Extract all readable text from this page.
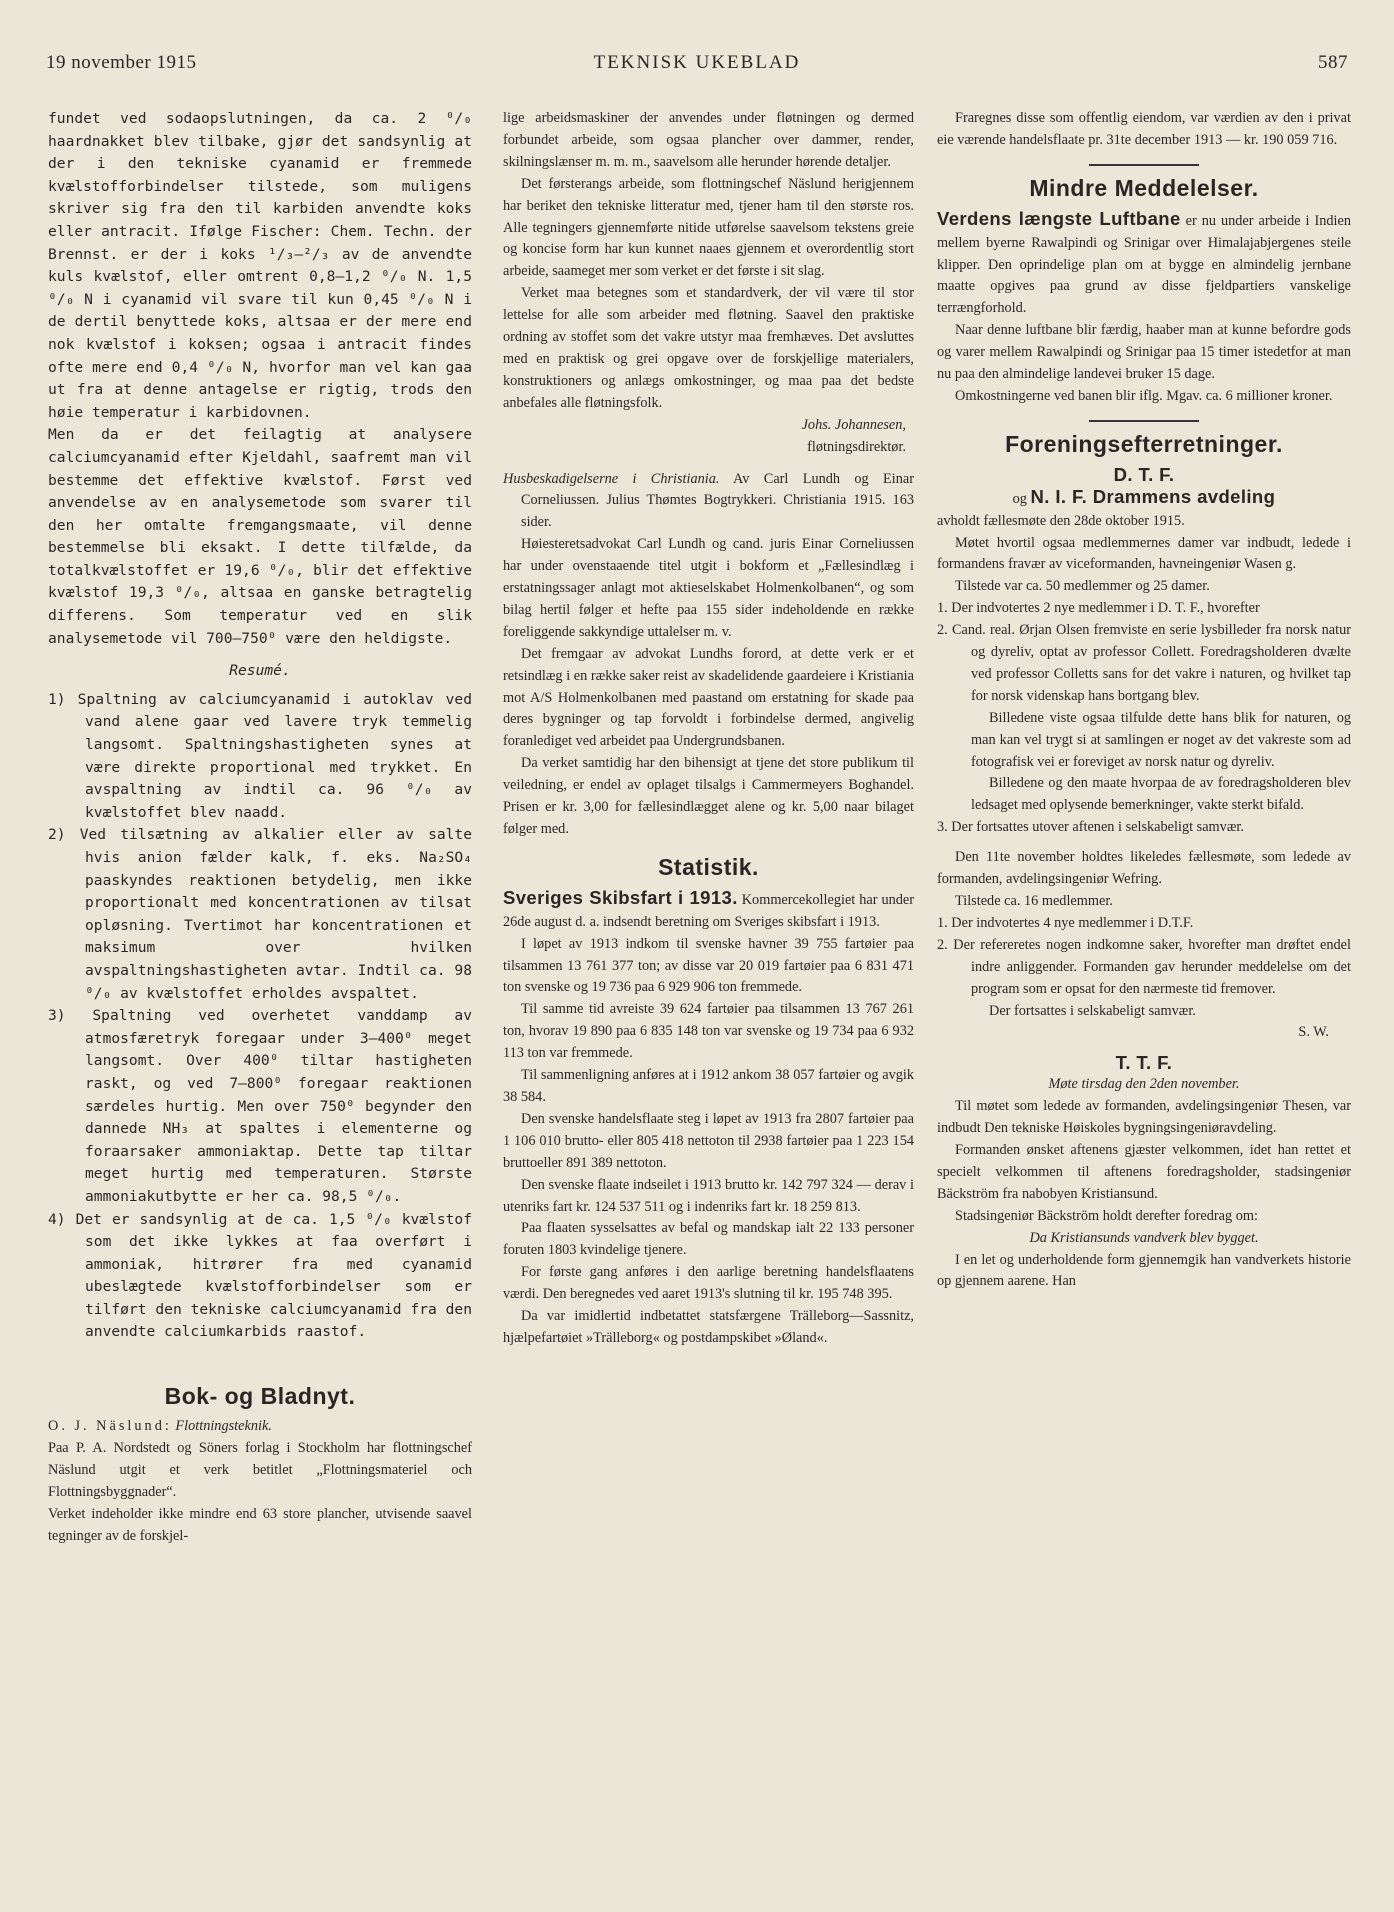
19 november 1915	TEKNISK UKEBLAD	587

fundet ved sodaopslutningen, da ca. 2 ⁰/₀ haardnakket blev tilbake, gjør det sandsynlig at der i den tekniske cyanamid er fremmede kvælstofforbindelser tilstede, som muligens skriver sig fra den til karbiden anvendte koks eller antracit. Ifølge Fischer: Chem. Techn. der Brennst. er der i koks ¹/₃—²/₃ av de anvendte kuls kvælstof, eller omtrent 0,8—1,2 ⁰/₀ N. 1,5 ⁰/₀ N i cyanamid vil svare til kun 0,45 ⁰/₀ N i de dertil benyttede koks, altsaa er der mere end nok kvælstof i koksen; ogsaa i antracit findes ofte mere end 0,4 ⁰/₀ N, hvorfor man vel kan gaa ut fra at denne antagelse er rigtig, trods den høie temperatur i karbidovnen.

Men da er det feilagtig at analysere calciumcyanamid efter Kjeldahl, saafremt man vil bestemme det effektive kvælstof. Først ved anvendelse av en analysemetode som svarer til den her omtalte fremgangsmaate, vil denne bestemmelse bli eksakt. I dette tilfælde, da totalkvælstoffet er 19,6 ⁰/₀, blir det effektive kvælstof 19,3 ⁰/₀, altsaa en ganske betragtelig differens. Som temperatur ved en slik analysemetode vil 700—750⁰ være den heldigste.

Resumé.

1) Spaltning av calciumcyanamid i autoklav ved vand alene gaar ved lavere tryk temmelig langsomt. Spaltningshastigheten synes at være direkte proportional med trykket. En avspaltning av indtil ca. 96 ⁰/₀ av kvælstoffet blev naadd.

2) Ved tilsætning av alkalier eller av salte hvis anion fælder kalk, f. eks. Na₂SO₄ paaskyndes reaktionen betydelig, men ikke proportionalt med koncentrationen av tilsat opløsning. Tvertimot har koncentrationen et maksimum over hvilken avspaltningshastigheten avtar. Indtil ca. 98 ⁰/₀ av kvælstoffet erholdes avspaltet.

3) Spaltning ved overhetet vanddamp av atmosfæretryk foregaar under 3—400⁰ meget langsomt. Over 400⁰ tiltar hastigheten raskt, og ved 7—800⁰ foregaar reaktionen særdeles hurtig. Men over 750⁰ begynder den dannede NH₃ at spaltes i elementerne og foraarsaker ammoniaktap. Dette tap tiltar meget hurtig med temperaturen. Største ammoniakutbytte er her ca. 98,5 ⁰/₀.

4) Det er sandsynlig at de ca. 1,5 ⁰/₀ kvælstof som det ikke lykkes at faa overført i ammoniak, hitrører fra med cyanamid ubeslægtede kvælstofforbindelser som er tilført den tekniske calciumcyanamid fra den anvendte calciumkarbids raastof.

Bok- og Bladnyt.

O. J. Näslund: Flottningsteknik.

Paa P. A. Nordstedt og Söners forlag i Stockholm har flottningschef Näslund utgit et verk betitlet „Flottningsmateriel och Flottningsbyggnader“.

Verket indeholder ikke mindre end 63 store plancher, utvisende saavel tegninger av de forskjel-

lige arbeidsmaskiner der anvendes under fløtningen og dermed forbundet arbeide, som ogsaa plancher over dammer, render, skilningslænser m. m. m., saavelsom alle herunder hørende detaljer.

Det førsterangs arbeide, som flottningschef Näslund herigjennem har beriket den tekniske litteratur med, tjener ham til den største ros. Alle tegningers gjennemførte nitide utførelse saavelsom tekstens greie og koncise form har kun kunnet naaes gjennem et overordentlig stort arbeide, saameget mer som verket er det første i sit slag.

Verket maa betegnes som et standardverk, der vil være til stor lettelse for alle som arbeider med fløtning. Saavel den praktiske ordning av stoffet som det vakre utstyr maa fremhæves. Det avsluttes med en praktisk og grei opgave over de forskjellige materialers, konstruktioners og anlægs omkostninger, og maa paa det bedste anbefales alle fløtningsfolk.

Johs. Johannesen,

fløtningsdirektør.

Husbeskadigelserne i Christiania. Av Carl Lundh og Einar Corneliussen. Julius Thømtes Bogtrykkeri. Christiania 1915. 163 sider.

Høiesteretsadvokat Carl Lundh og cand. juris Einar Corneliussen har under ovenstaaende titel utgit i bokform et „Fællesindlæg i erstatningssager anlagt mot aktieselskabet Holmenkolbanen“, og som bilag hertil følger et hefte paa 155 sider indeholdende en række foreliggende sakkyndige uttalelser m. v.

Det fremgaar av advokat Lundhs forord, at dette verk er et retsindlæg i en række saker reist av skadelidende gaardeiere i Kristiania mot A/S Holmenkolbanen med paastand om erstatning for skade paa deres bygninger og tap forvoldt i forbindelse dermed, angivelig foranlediget ved arbeidet paa Undergrundsbanen.

Da verket samtidig har den bihensigt at tjene det store publikum til veiledning, er endel av oplaget tilsalgs i Cammermeyers Boghandel. Prisen er kr. 3,00 for fællesindlægget alene og kr. 5,00 naar bilaget følger med.

Statistik.

Sveriges Skibsfart i 1913. Kommercekollegiet har under 26de august d. a. indsendt beretning om Sveriges skibsfart i 1913.

I løpet av 1913 indkom til svenske havner 39 755 fartøier paa tilsammen 13 761 377 ton; av disse var 20 019 fartøier paa 6 831 471 ton svenske og 19 736 paa 6 929 906 ton fremmede.

Til samme tid avreiste 39 624 fartøier paa tilsammen 13 767 261 ton, hvorav 19 890 paa 6 835 148 ton var svenske og 19 734 paa 6 932 113 ton var fremmede.

Til sammenligning anføres at i 1912 ankom 38 057 fartøier og avgik 38 584.

Den svenske handelsflaate steg i løpet av 1913 fra 2807 fartøier paa 1 106 010 brutto- eller 805 418 nettoton til 2938 fartøier paa 1 223 154 bruttoeller 891 389 nettoton.

Den svenske flaate indseilet i 1913 brutto kr. 142 797 324 — derav i utenriks fart kr. 124 537 511 og i indenriks fart kr. 18 259 813.

Paa flaaten sysselsattes av befal og mandskap ialt 22 133 personer foruten 1803 kvindelige tjenere.

For første gang anføres i den aarlige beretning handelsflaatens værdi. Den beregnedes ved aaret 1913's slutning til kr. 195 748 395.

Da var imidlertid indbetattet statsfærgene Trälleborg—Sassnitz, hjælpefartøiet »Trälleborg« og postdampskibet »Øland«.

Fraregnes disse som offentlig eiendom, var værdien av den i privat eie værende handelsflaate pr. 31te december 1913 — kr. 190 059 716.

Mindre Meddelelser.

Verdens længste Luftbane er nu under arbeide i Indien mellem byerne Rawalpindi og Srinigar over Himalajabjergenes steile klipper. Den oprindelige plan om at bygge en almindelig jernbane maatte opgives paa grund av disse fjeldpartiers vanskelige terrængforhold.

Naar denne luftbane blir færdig, haaber man at kunne befordre gods og varer mellem Rawalpindi og Srinigar paa 15 timer istedetfor at man nu paa den almindelige landevei bruker 15 dage.

Omkostningerne ved banen blir iflg. Mgav. ca. 6 millioner kroner.

Foreningsefterretninger.
D. T. F.

og N. I. F. Drammens avdeling

avholdt fællesmøte den 28de oktober 1915.

Møtet hvortil ogsaa medlemmernes damer var indbudt, ledede i formandens fravær av viceformanden, havneingeniør Wasen g.

Tilstede var ca. 50 medlemmer og 25 damer.

1. Der indvotertes 2 nye medlemmer i D. T. F., hvorefter

2. Cand. real. Ørjan Olsen fremviste en serie lysbilleder fra norsk natur og dyreliv, optat av professor Collett. Foredragsholderen dvælte ved professor Colletts sans for det vakre i naturen, og hvilket tap for norsk videnskap hans bortgang blev.

Billedene viste ogsaa tilfulde dette hans blik for naturen, og man kan vel trygt si at samlingen er noget av det vakreste som ad fotografisk vei er foreviget av norsk natur og dyreliv.

Billedene og den maate hvorpaa de av foredragsholderen blev ledsaget med oplysende bemerkninger, vakte sterkt bifald.

3. Der fortsattes utover aftenen i selskabeligt samvær.

Den 11te november holdtes likeledes fællesmøte, som ledede av formanden, avdelingsingeniør Wefring.

Tilstede ca. 16 medlemmer.

1. Der indvotertes 4 nye medlemmer i D.T.F.

2. Der refereretes nogen indkomne saker, hvorefter man drøftet endel indre anliggender. Formanden gav herunder meddelelse om det program som er opsat for den nærmeste tid fremover.

Der fortsattes i selskabeligt samvær.

S. W.

T. T. F.

Møte tirsdag den 2den november.

Til møtet som ledede av formanden, avdelingsingeniør Thesen, var indbudt Den tekniske Høiskoles bygningsingeniøravdeling.

Formanden ønsket aftenens gjæster velkommen, idet han rettet et specielt velkommen til aftenens foredragsholder, stadsingeniør Bäckström fra nabobyen Kristiansund.

Stadsingeniør Bäckström holdt derefter foredrag om:

Da Kristiansunds vandverk blev bygget.

I en let og underholdende form gjennemgik han vandverkets historie op gjennem aarene. Han
